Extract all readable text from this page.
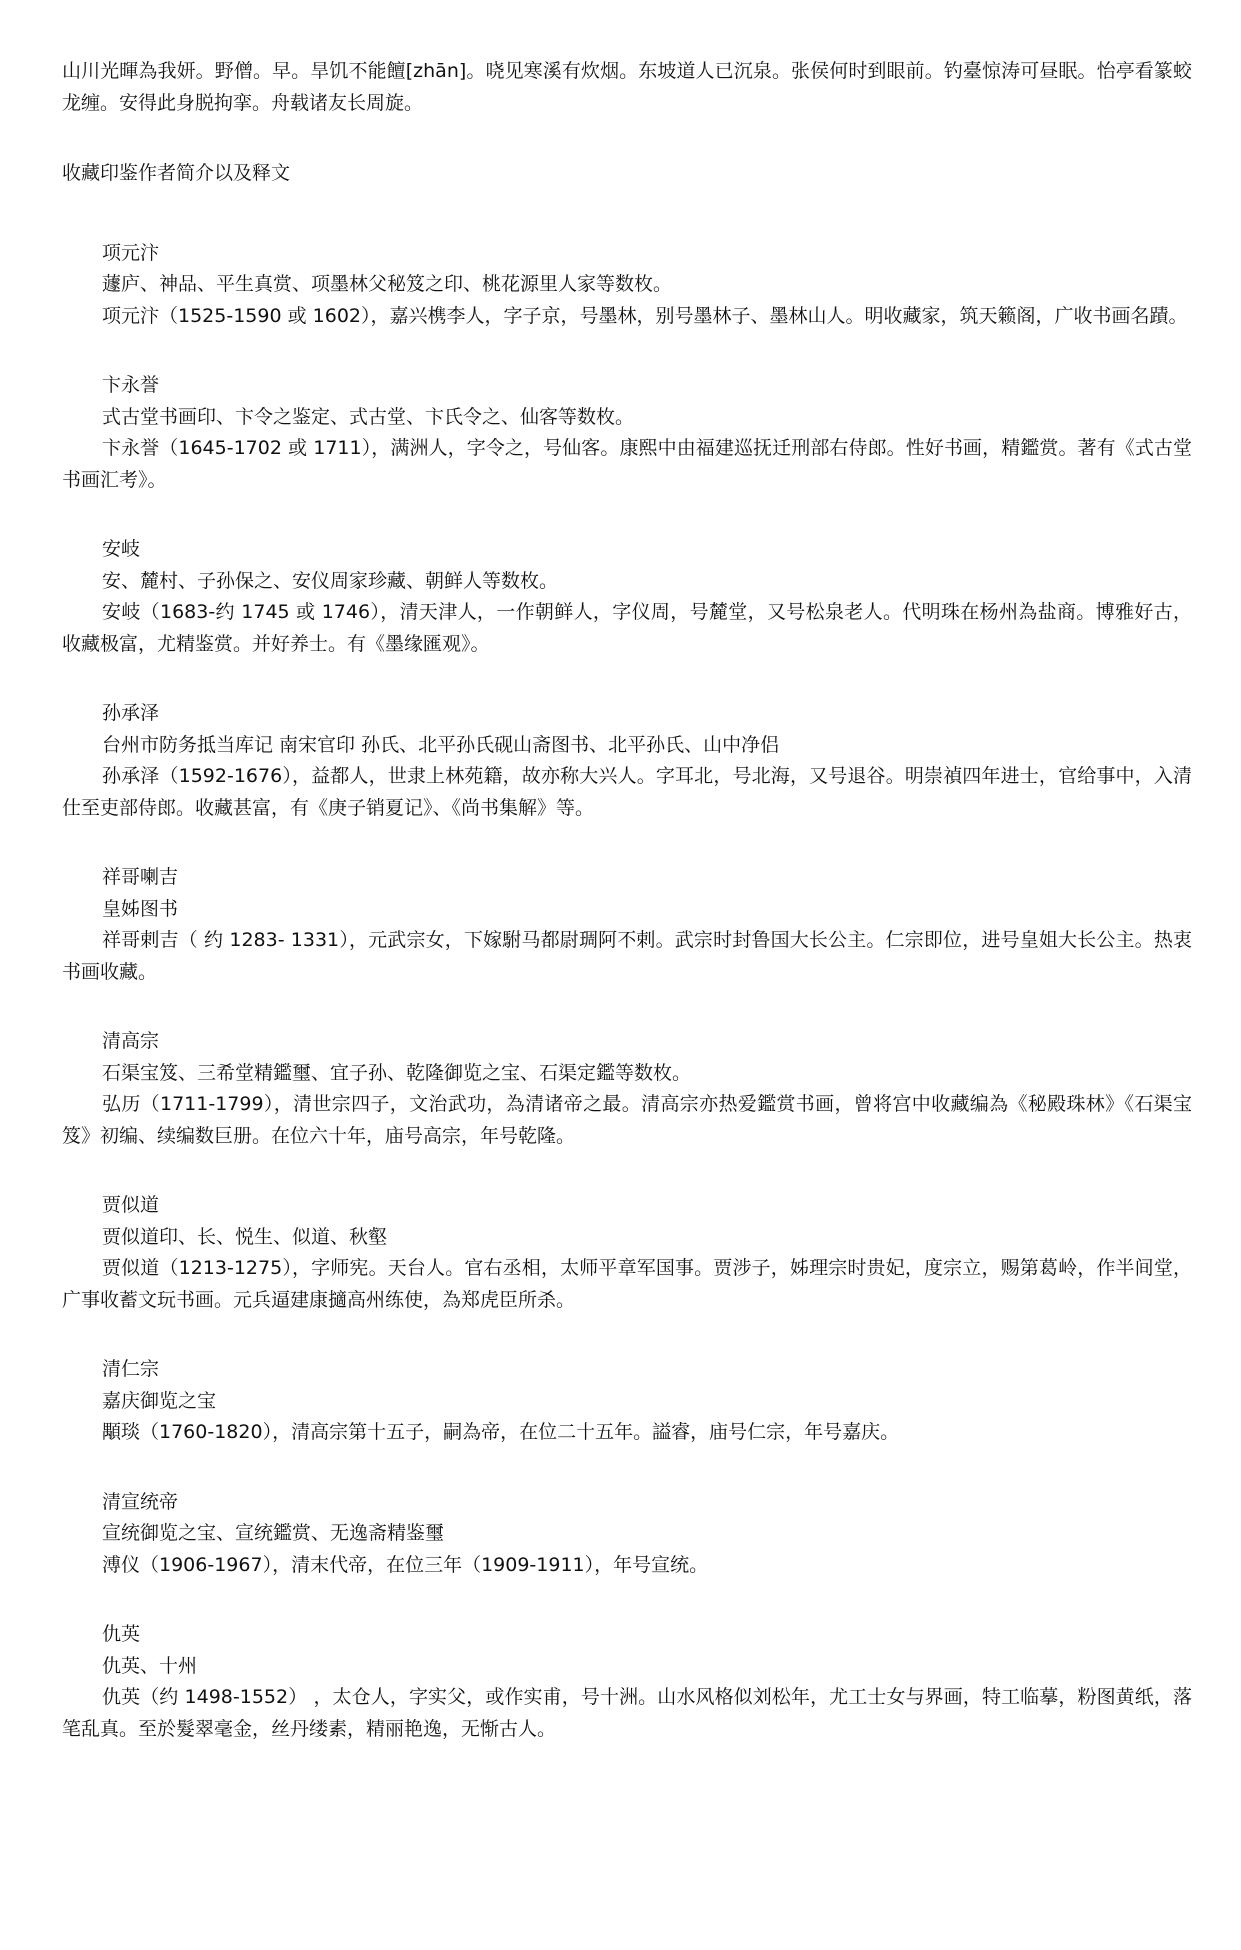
山川光暉為我妍。野僧。早。旱饥不能饘[zhān]。哓见寒溪有炊烟。东坡道人已沉泉。张侯何时到眼前。钓臺惊涛可昼眠。怡亭看篆蛟龙缠。安得此身脱拘挛。舟载诸友长周旋。

收藏印鉴作者简介以及释文

项元汴

蘧庐、神品、平生真赏、项墨林父秘笈之印、桃花源里人家等数枚。

项元汴（1525-1590 或 1602），嘉兴槜李人，字子京，号墨林，别号墨林子、墨林山人。明收藏家，筑天籁阁，广收书画名蹟。

卞永誉

式古堂书画印、卞令之鉴定、式古堂、卞氏令之、仙客等数枚。

卞永誉（1645-1702 或 1711），满洲人，字令之，号仙客。康熙中由福建巡抚迁刑部右侍郎。性好书画，精鑑赏。著有《式古堂书画汇考》。

安岐

安、麓村、子孙保之、安仪周家珍藏、朝鲜人等数枚。

安岐（1683-约 1745 或 1746），清天津人，一作朝鲜人，字仪周，号麓堂，又号松泉老人。代明珠在杨州為盐商。博雅好古，收藏极富，尤精鉴赏。并好养士。有《墨缘匯观》。

孙承泽

台州市防务抵当库记 南宋官印 孙氏、北平孙氏砚山斋图书、北平孙氏、山中净侣

孙承泽（1592-1676），益都人，世隶上林苑籍，故亦称大兴人。字耳北，号北海，又号退谷。明崇禎四年进士，官给事中，入清仕至吏部侍郎。收藏甚富，有《庚子销夏记》、《尚书集解》等。

祥哥喇吉

皇姊图书

祥哥剌吉（ 约 1283- 1331），元武宗女，下嫁駙马都尉琱阿不剌。武宗时封鲁国大长公主。仁宗即位，进号皇姐大长公主。热衷书画收藏。

清高宗

石渠宝笈、三希堂精鑑璽、宜子孙、乾隆御览之宝、石渠定鑑等数枚。

弘历（1711-1799），清世宗四子，文治武功，為清诸帝之最。清高宗亦热爱鑑赏书画，曾将宫中收藏编為《秘殿珠林》《石渠宝笈》初编、续编数巨册。在位六十年，庙号高宗，年号乾隆。

贾似道

贾似道印、长、悦生、似道、秋壑

贾似道（1213-1275），字师宪。天台人。官右丞相，太师平章军国事。贾涉子，姊理宗时贵妃，度宗立，赐第葛岭，作半间堂，广事收蓄文玩书画。元兵逼建康擿高州练使，為郑虎臣所杀。

清仁宗

嘉庆御览之宝

顒琰（1760-1820），清高宗第十五子，嗣為帝，在位二十五年。謚睿，庙号仁宗，年号嘉庆。

清宣统帝

宣统御览之宝、宣统鑑赏、无逸斋精鉴璽

溥仪（1906-1967），清末代帝，在位三年（1909-1911），年号宣统。

仇英

仇英、十州

仇英（约 1498-1552） ，太仓人，字实父，或作实甫，号十洲。山水风格似刘松年，尤工士女与界画，特工临摹，粉图黄纸，落笔乱真。至於髮翠毫金，丝丹缕素，精丽艳逸，无惭古人。
